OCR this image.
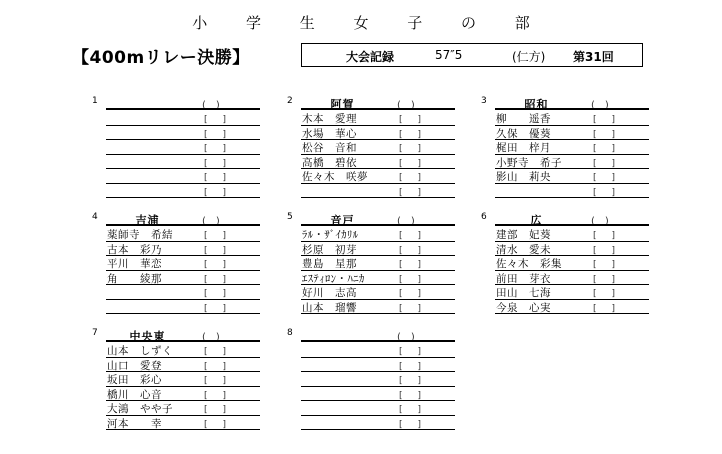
小 学 生 女 子 の 部
【400mリレー決勝】	大会記録	57″5	(仁方) 第31回
1	(　)
[　]
[　]
[　]
[　]
[　]
[　]
2	阿賀	(　)
木本　愛理	[　]
水場　華心	[　]
松谷　音和	[　]
高橋　碧依	[　]
佐々木　咲夢	[　]
[　]
3	昭和	(　)
柳　　遥香	[　]
久保　優葵	[　]
梶田　梓月	[　]
小野寺　希子	[　]
影山　莉央	[　]
[　]
4	吉浦	(　)
薬師寺　希結	[　]
古本　彩乃	[　]
平川　華恋	[　]
角　　綾那	[　]
[　]
[　]
5	音戸	(　)
ﾗﾙ・ｻﾞｲｶﾘﾙ	[　]
杉原　初芽	[　]
豊島　星那	[　]
ｴｽﾃｨﾛﾝ・ﾊﾆｶ	[　]
好川　志高	[　]
山本　瑠響	[　]
6	広	(　)
建部　妃葵	[　]
清水　愛未	[　]
佐々木　彩集	[　]
前田　芽衣	[　]
田山　七海	[　]
今泉　心実	[　]
7	中央東	(　)
山本　しずく	[　]
山口　愛登	[　]
坂田　彩心	[　]
橋川　心音	[　]
大鴻　やや子	[　]
河本　　幸	[　]
8	(　)
[　]
[　]
[　]
[　]
[　]
[　]
